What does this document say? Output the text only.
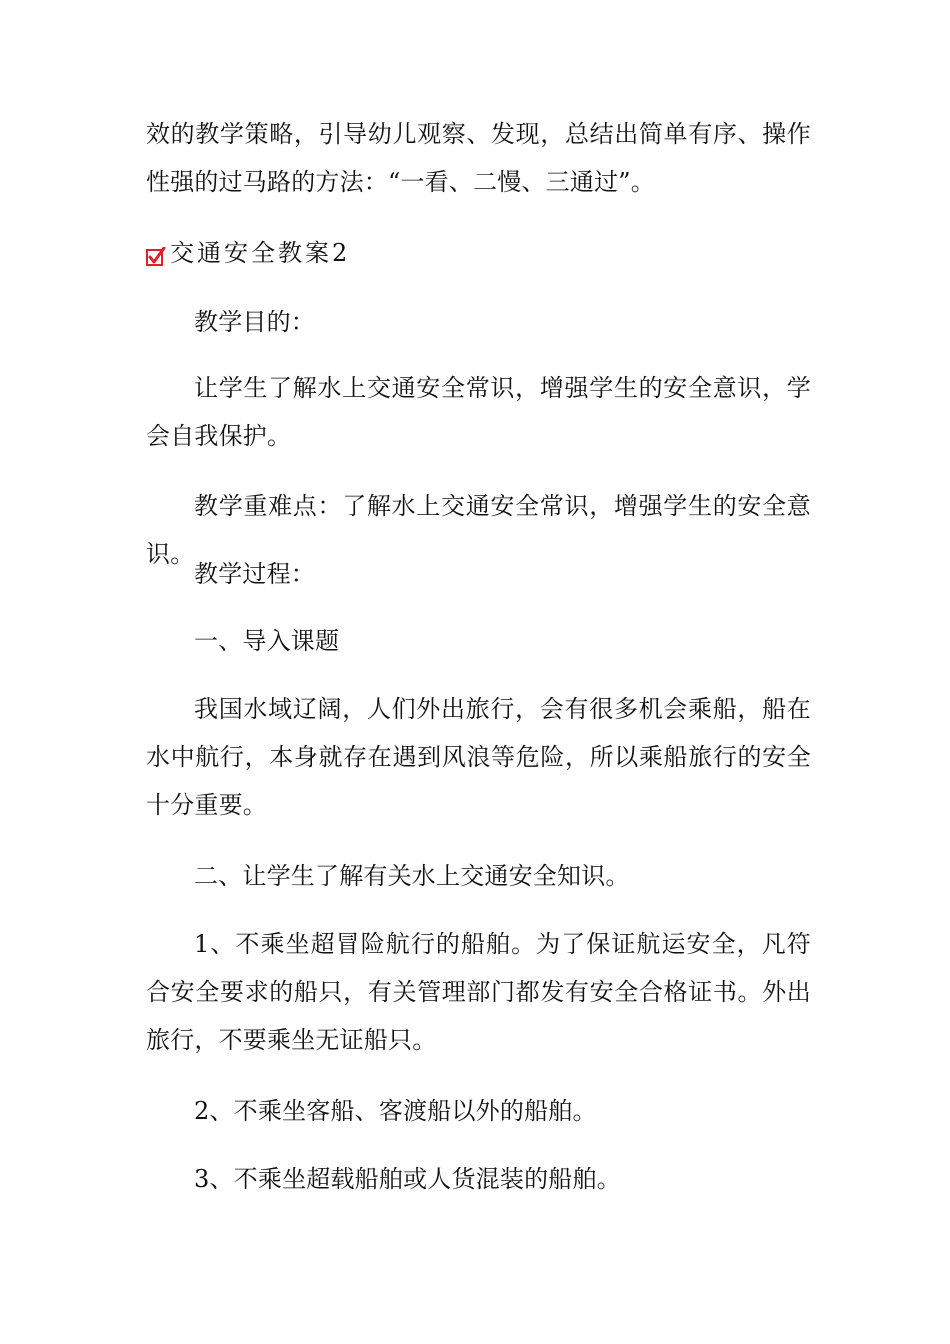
效的教学策略，引导幼儿观察、发现，总结出简单有序、操作性强的过马路的方法：“一看、二慢、三通过”。

交通安全教案2

教学目的：

让学生了解水上交通安全常识，增强学生的安全意识，学会自我保护。

教学重难点：了解水上交通安全常识，增强学生的安全意识。

教学过程：

一、导入课题

我国水域辽阔，人们外出旅行，会有很多机会乘船，船在水中航行，本身就存在遇到风浪等危险，所以乘船旅行的安全十分重要。

二、让学生了解有关水上交通安全知识。

1、不乘坐超冒险航行的船舶。为了保证航运安全，凡符合安全要求的船只，有关管理部门都发有安全合格证书。外出旅行，不要乘坐无证船只。

2、不乘坐客船、客渡船以外的船舶。

3、不乘坐超载船舶或人货混装的船舶。
